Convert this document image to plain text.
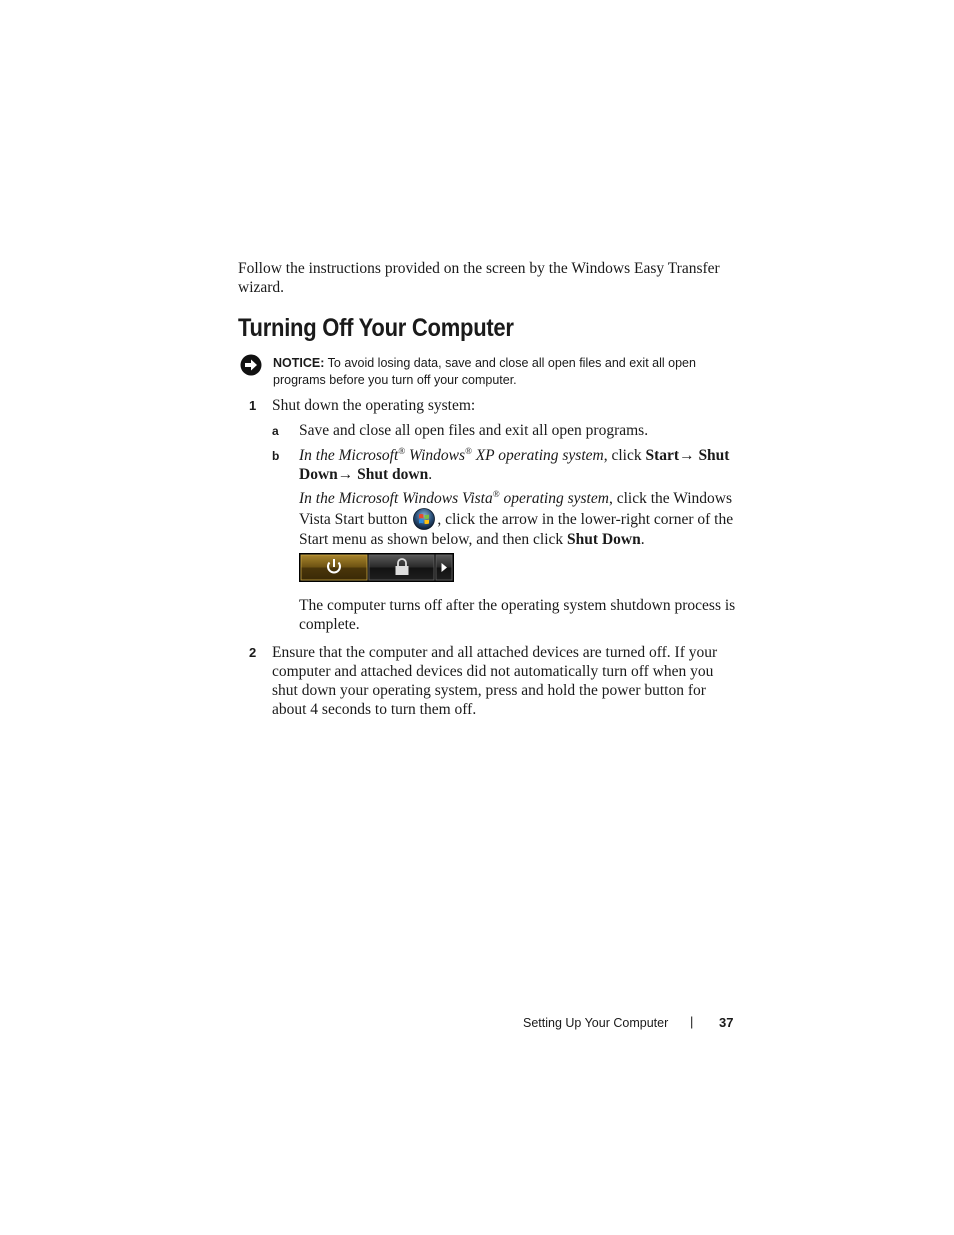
Follow the instructions provided on the screen by the Windows Easy Transfer wizard.

Turning Off Your Computer

NOTICE: To avoid losing data, save and close all open files and exit all open programs before you turn off your computer.

1 Shut down the operating system:

a Save and close all open files and exit all open programs.

b In the Microsoft® Windows® XP operating system, click Start→ Shut Down→ Shut down.

In the Microsoft Windows Vista® operating system, click the Windows Vista Start button , click the arrow in the lower-right corner of the Start menu as shown below, and then click Shut Down.

The computer turns off after the operating system shutdown process is complete.

2 Ensure that the computer and all attached devices are turned off. If your computer and attached devices did not automatically turn off when you shut down your operating system, press and hold the power button for about 4 seconds to turn them off.

Setting Up Your Computer | 37
